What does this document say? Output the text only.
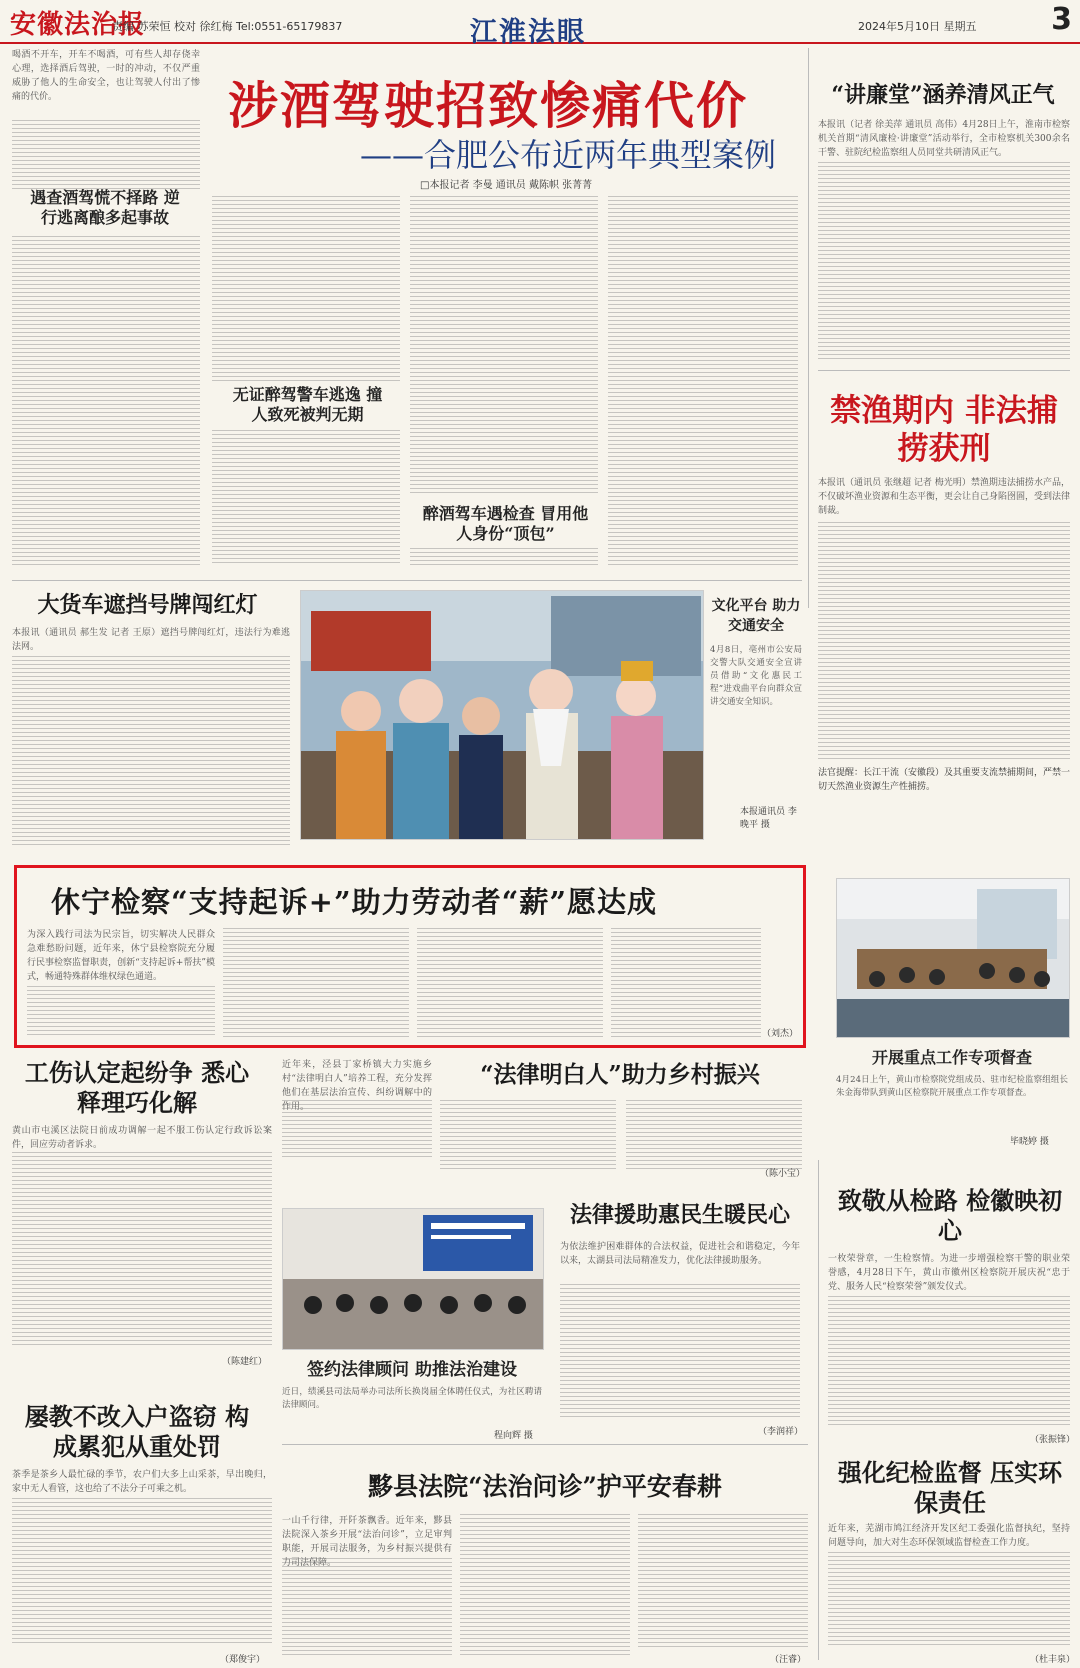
安徽法治报
责编 苏荣恒 校对 徐红梅 Tel:0551-65179837	江淮法眼	2024年5月10日 星期五 3
喝酒不开车，开车不喝酒，可有些人却存侥幸心理，选择酒后驾驶，一时的冲动，不仅严重威胁了他人的生命安全，也让驾驶人付出了惨痛的代价。	涉酒驾驶招致惨痛代价
——合肥公布近两年典型案例
□本报记者 李曼 通讯员 戴陈帜 张菁菁
遇查酒驾慌不择路 逆行逃离酿多起事故
无证醉驾警车逃逸 撞人致死被判无期
醉酒驾车遇检查 冒用他人身份“顶包”
“讲廉堂”涵养清风正气
本报讯（记者 徐美萍 通讯员 高伟）4月28日上午，淮南市检察机关首期“清风廉检·讲廉堂”活动举行，全市检察机关300余名干警、驻院纪检监察组人员同堂共研清风正气。
禁渔期内 非法捕捞获刑
本报讯（通讯员 张继超 记者 梅光明）禁渔期违法捕捞水产品，不仅破坏渔业资源和生态平衡，更会让自己身陷囹圄，受到法律制裁。
法官提醒：长江干流（安徽段）及其重要支流禁捕期间，严禁一切天然渔业资源生产性捕捞。
大货车遮挡号牌闯红灯
本报讯（通讯员 郝生发 记者 王原）遮挡号牌闯红灯，违法行为难逃法网。
文化平台 助力交通安全
4月8日，亳州市公安局交警大队交通安全宣讲员借助“文化惠民工程”进戏曲平台向群众宣讲交通安全知识。
本报通讯员 李晚平 摄
休宁检察“支持起诉+”助力劳动者“薪”愿达成
为深入践行司法为民宗旨，切实解决人民群众急难愁盼问题，近年来，休宁县检察院充分履行民事检察监督职责，创新“支持起诉+帮扶”模式，畅通特殊群体维权绿色通道。
（刘杰）
开展重点工作专项督查
4月24日上午，黄山市检察院党组成员、驻市纪检监察组组长朱金海带队到黄山区检察院开展重点工作专项督查。
毕晓婷 摄
工伤认定起纷争 悉心释理巧化解
黄山市屯溪区法院日前成功调解一起不服工伤认定行政诉讼案件，回应劳动者诉求。
（陈建红）
近年来，泾县丁家桥镇大力实施乡村“法律明白人”培养工程，充分发挥他们在基层法治宣传、纠纷调解中的作用。
“法律明白人”助力乡村振兴
（陈小宝）
签约法律顾问 助推法治建设
近日，绩溪县司法局举办司法所长换岗届全体聘任仪式，为社区聘请法律顾问。
程向辉 摄
法律援助惠民生暖民心
为依法维护困难群体的合法权益，促进社会和谐稳定，今年以来，太湖县司法局精准发力，优化法律援助服务。
（李润祥）
致敬从检路 检徽映初心
一枚荣誉章，一生检察情。为进一步增强检察干警的职业荣誉感，4月28日下午，黄山市徽州区检察院开展庆祝“忠于党、服务人民“检察荣誉”颁发仪式。
（张振锋）
强化纪检监督 压实环保责任
近年来，芜湖市鸠江经济开发区纪工委强化监督执纪，坚持问题导向，加大对生态环保领域监督检查工作力度。
（杜丰泉）
屡教不改入户盗窃 构成累犯从重处罚
茶季是茶乡人最忙碌的季节，农户们大多上山采茶，早出晚归，家中无人看管，这也给了不法分子可乘之机。
（郑俊宇）
黟县法院“法治问诊”护平安春耕
一山千行律，开阡茶飘香。近年来，黟县法院深入茶乡开展“法治问诊”，立足审判职能，开展司法服务，为乡村振兴提供有力司法保障。
（汪睿）
